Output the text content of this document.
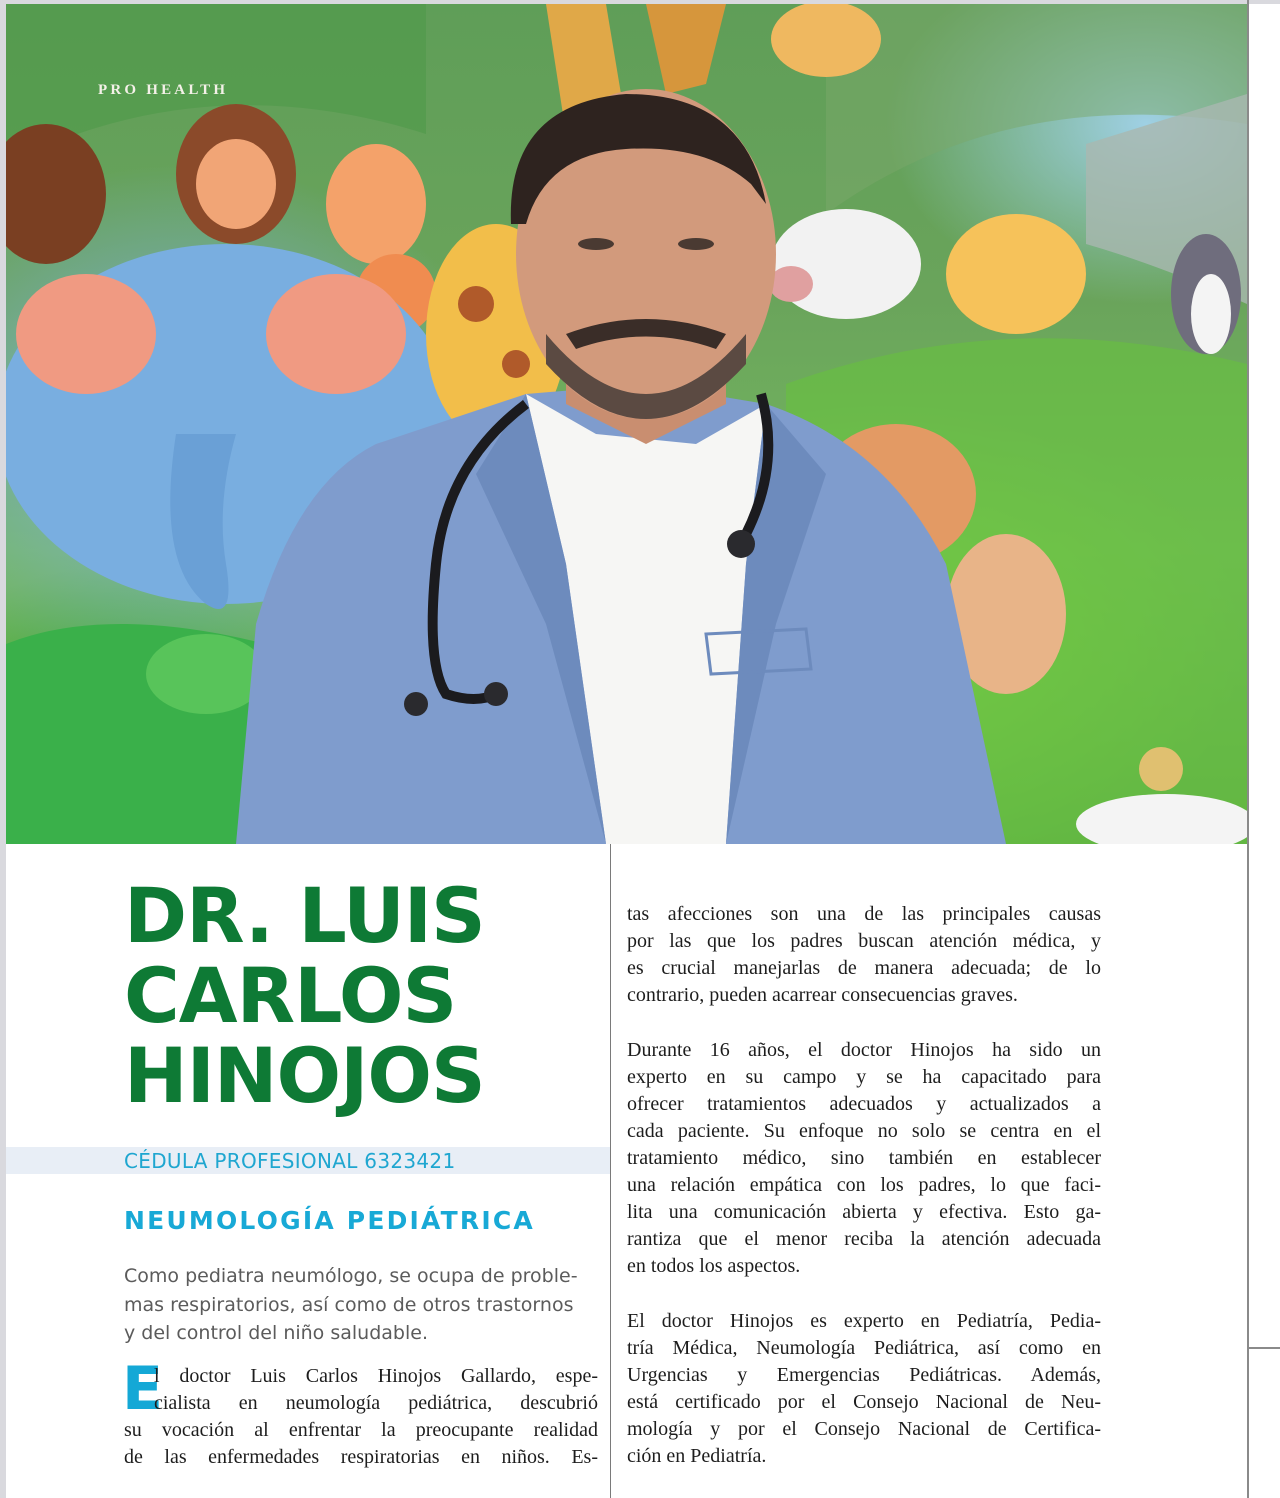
PRO HEALTH
DR. LUIS
CARLOS
HINOJOS
CÉDULA PROFESIONAL 6323421
NEUMOLOGÍA PEDIÁTRICA
Como pediatra neumólogo, se ocupa de proble-
mas respiratorios, así como de otros trastornos
y del control del niño saludable.
E
l doctor Luis Carlos Hinojos Gallardo, espe-
cialista en neumología pediátrica, descubrió
su vocación al enfrentar la preocupante realidad
de las enfermedades respiratorias en niños. Es-
tas afecciones son una de las principales causas
por las que los padres buscan atención médica, y
es crucial manejarlas de manera adecuada; de lo
contrario, pueden acarrear consecuencias graves.
Durante 16 años, el doctor Hinojos ha sido un
experto en su campo y se ha capacitado para
ofrecer tratamientos adecuados y actualizados a
cada paciente. Su enfoque no solo se centra en el
tratamiento médico, sino también en establecer
una relación empática con los padres, lo que faci-
lita una comunicación abierta y efectiva. Esto ga-
rantiza que el menor reciba la atención adecuada
en todos los aspectos.
El doctor Hinojos es experto en Pediatría, Pedia-
tría Médica, Neumología Pediátrica, así como en
Urgencias y Emergencias Pediátricas. Además,
está certificado por el Consejo Nacional de Neu-
mología y por el Consejo Nacional de Certifica-
ción en Pediatría.
